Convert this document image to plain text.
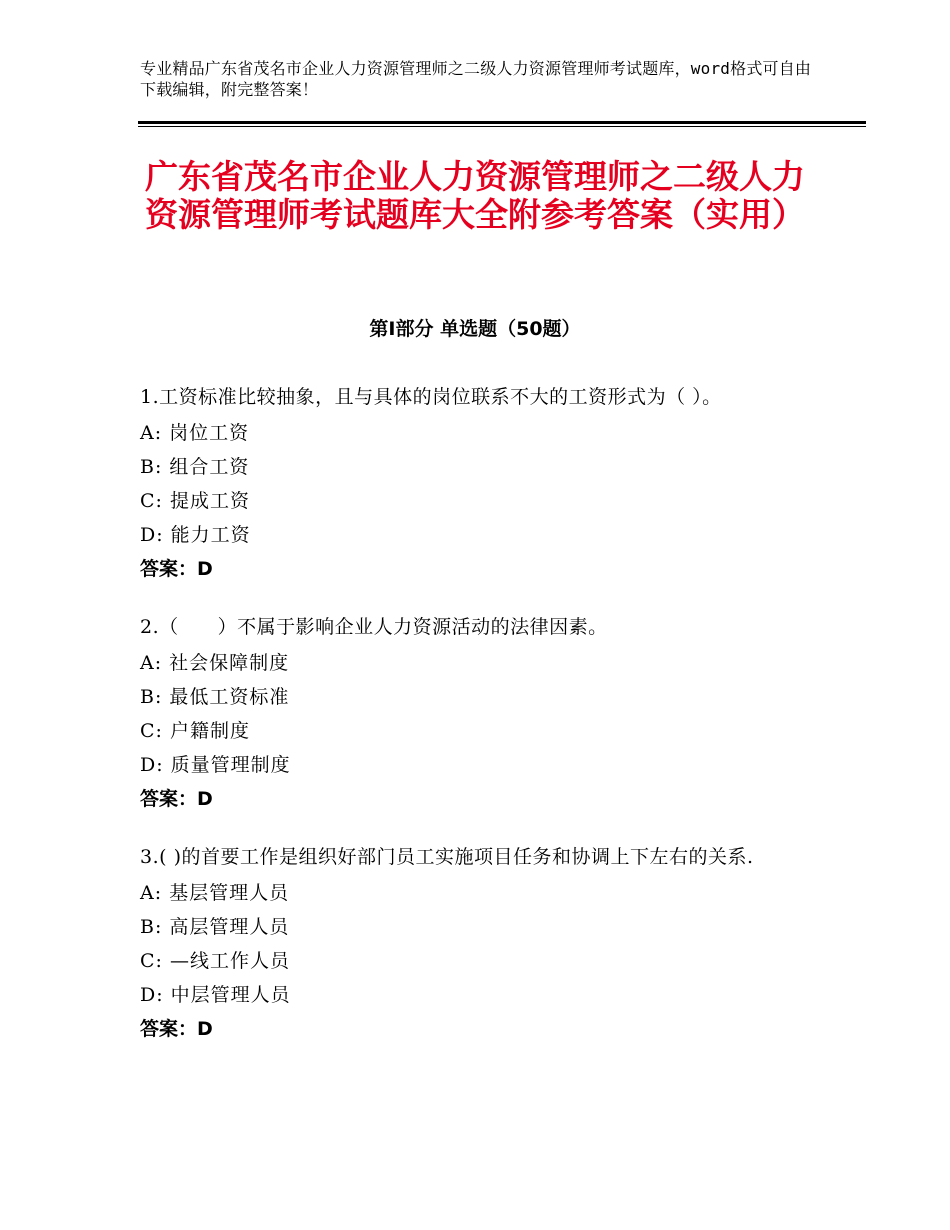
专业精品广东省茂名市企业人力资源管理师之二级人力资源管理师考试题库，word格式可自由下载编辑，附完整答案！
广东省茂名市企业人力资源管理师之二级人力资源管理师考试题库大全附参考答案（实用）
第Ⅰ部分 单选题（50题）
1.工资标准比较抽象，且与具体的岗位联系不大的工资形式为（ ）。
A: 岗位工资
B: 组合工资
C: 提成工资
D: 能力工资
答案：D
2.（　　）不属于影响企业人力资源活动的法律因素。
A: 社会保障制度
B: 最低工资标准
C: 户籍制度
D: 质量管理制度
答案：D
3.( )的首要工作是组织好部门员工实施项目任务和协调上下左右的关系.
A: 基层管理人员
B: 高层管理人员
C: —线工作人员
D: 中层管理人员
答案：D
